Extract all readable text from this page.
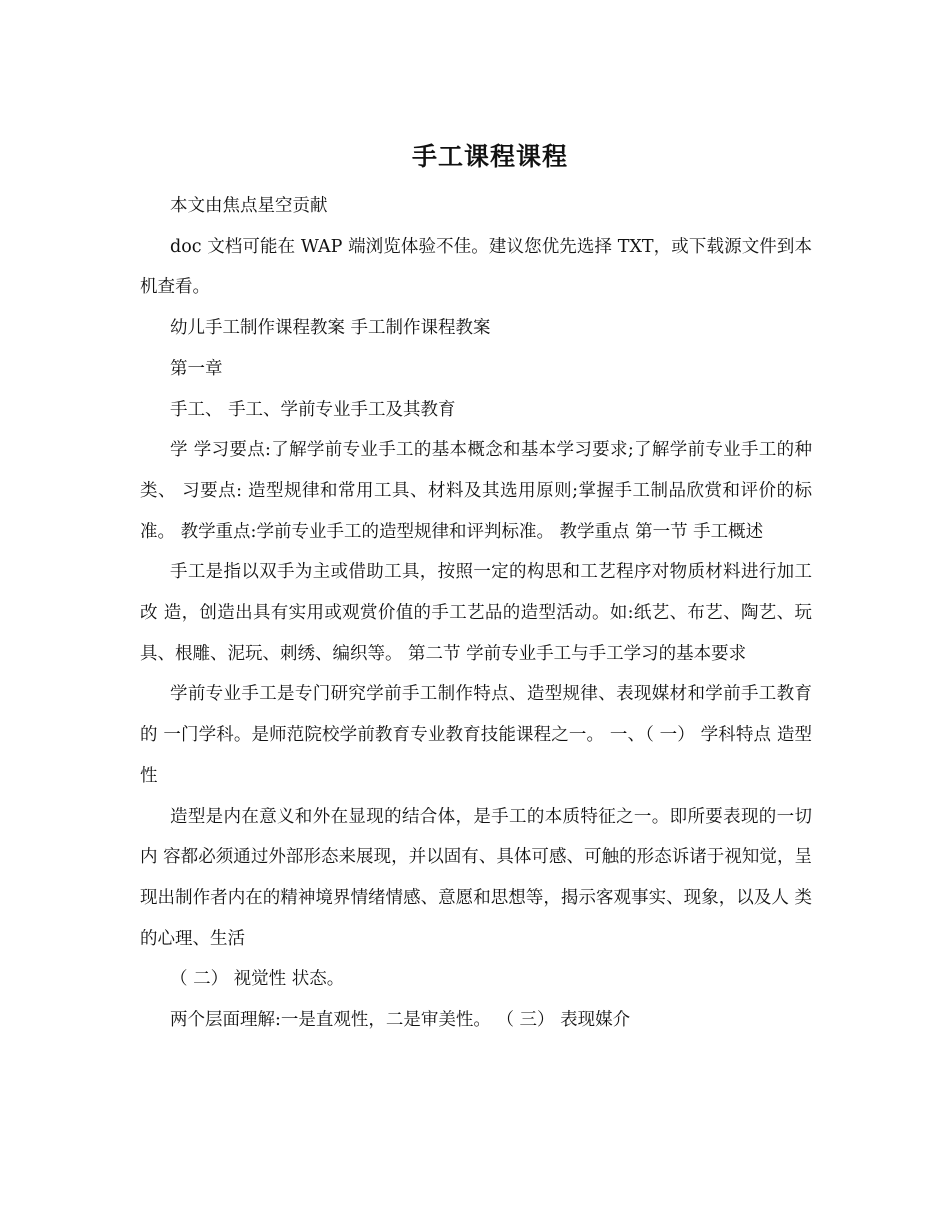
手工课程课程

本文由焦点星空贡献

doc 文档可能在 WAP 端浏览体验不佳。建议您优先选择 TXT，或下载源文件到本机查看。

幼儿手工制作课程教案 手工制作课程教案

第一章

手工、 手工、学前专业手工及其教育

学 学习要点:了解学前专业手工的基本概念和基本学习要求;了解学前专业手工的种类、 习要点: 造型规律和常用工具、材料及其选用原则;掌握手工制品欣赏和评价的标准。 教学重点:学前专业手工的造型规律和评判标准。 教学重点 第一节 手工概述

手工是指以双手为主或借助工具，按照一定的构思和工艺程序对物质材料进行加工改 造，创造出具有实用或观赏价值的手工艺品的造型活动。如:纸艺、布艺、陶艺、玩 具、根雕、泥玩、刺绣、编织等。 第二节 学前专业手工与手工学习的基本要求

学前专业手工是专门研究学前手工制作特点、造型规律、表现媒材和学前手工教育的 一门学科。是师范院校学前教育专业教育技能课程之一。 一、（ 一） 学科特点 造型性

造型是内在意义和外在显现的结合体，是手工的本质特征之一。即所要表现的一切内 容都必须通过外部形态来展现，并以固有、具体可感、可触的形态诉诸于视知觉，呈 现出制作者内在的精神境界情绪情感、意愿和思想等，揭示客观事实、现象，以及人 类的心理、生活

（ 二） 视觉性 状态。

两个层面理解:一是直观性，二是审美性。 （ 三） 表现媒介
